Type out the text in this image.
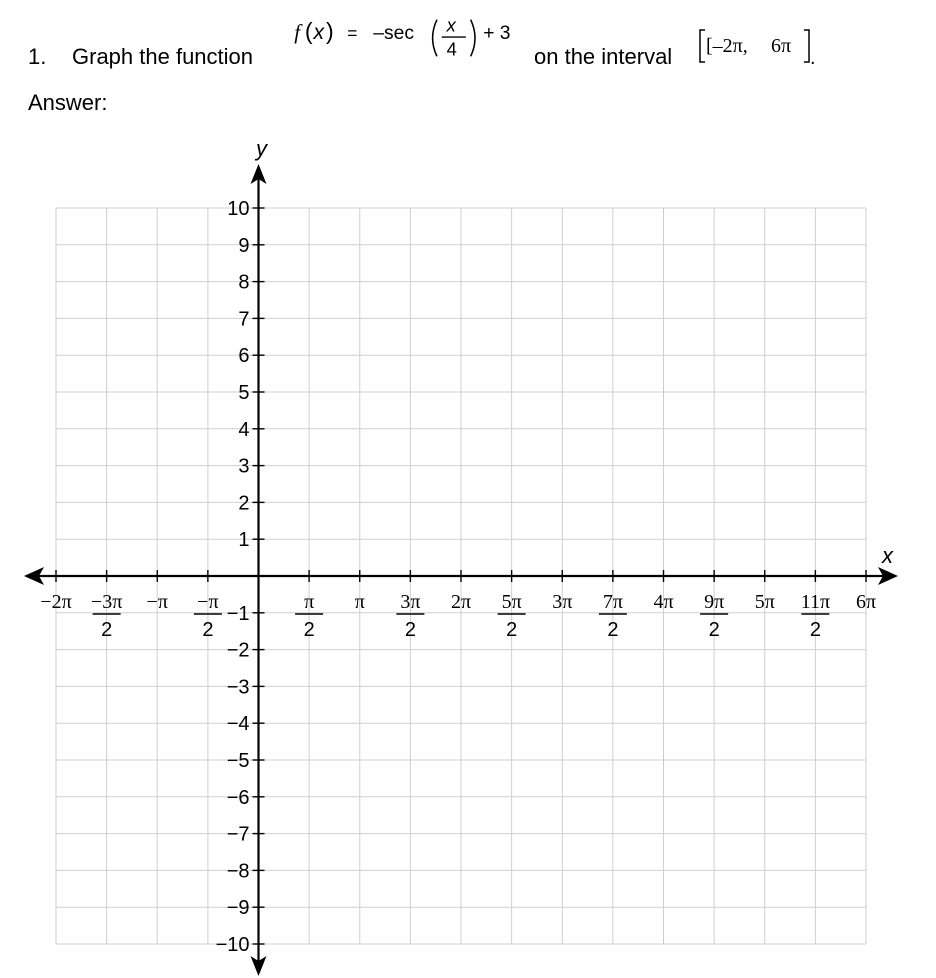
1. Graph the function
f ( x ) = –sec x
4
+ 3
on the interval [–2π, 6π
.
Answer:
−2π −3π
2
−π −π
2
π
2
π 3π
2
2π 5π
2
3π 7π
2
4π 9π
2
5π 11π
2
6π
10
9
8
7
6
5
4
3
2
1
−1
−2
−3
−4
−5
−6
−7
−8
−9
−10
x
y
